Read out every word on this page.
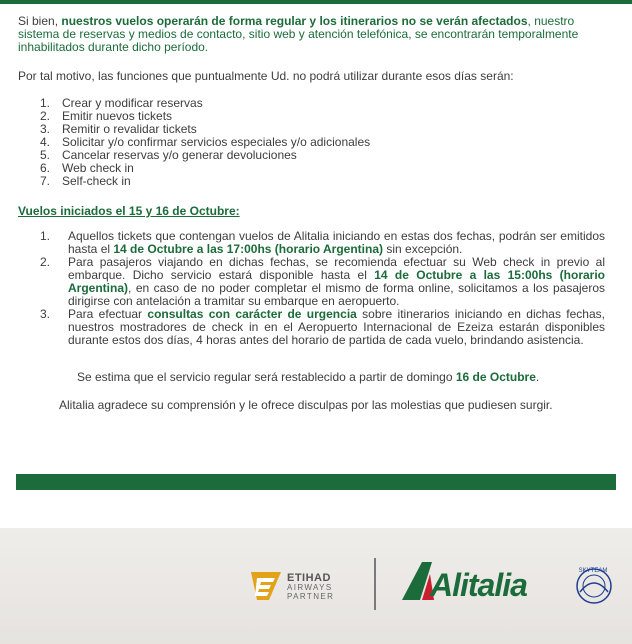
Si bien, nuestros vuelos operarán de forma regular y los itinerarios no se verán afectados, nuestro sistema de reservas y medios de contacto, sitio web y atención telefónica, se encontrarán temporalmente inhabilitados durante dicho período.
Por tal motivo, las funciones que puntualmente Ud. no podrá utilizar durante esos días serán:
1. Crear y modificar reservas
2. Emitir nuevos tickets
3. Remitir o revalidar tickets
4. Solicitar y/o confirmar servicios especiales y/o adicionales
5. Cancelar reservas y/o generar devoluciones
6. Web check in
7. Self-check in
Vuelos iniciados el 15 y 16 de Octubre:
1. Aquellos tickets que contengan vuelos de Alitalia iniciando en estas dos fechas, podrán ser emitidos hasta el 14 de Octubre a las 17:00hs (horario Argentina) sin excepción.
2. Para pasajeros viajando en dichas fechas, se recomienda efectuar su Web check in previo al embarque. Dicho servicio estará disponible hasta el 14 de Octubre a las 15:00hs (horario Argentina), en caso de no poder completar el mismo de forma online, solicitamos a los pasajeros dirigirse con antelación a tramitar su embarque en aeropuerto.
3. Para efectuar consultas con carácter de urgencia sobre itinerarios iniciando en dichas fechas, nuestros mostradores de check in en el Aeropuerto Internacional de Ezeiza estarán disponibles durante estos dos días, 4 horas antes del horario de partida de cada vuelo, brindando asistencia.
Se estima que el servicio regular será restablecido a partir de domingo 16 de Octubre.
Alitalia agradece su comprensión y le ofrece disculpas por las molestias que pudiesen surgir.
ETIHAD
AIRWAYS
PARTNER	Alitalia	SKYTEAM
